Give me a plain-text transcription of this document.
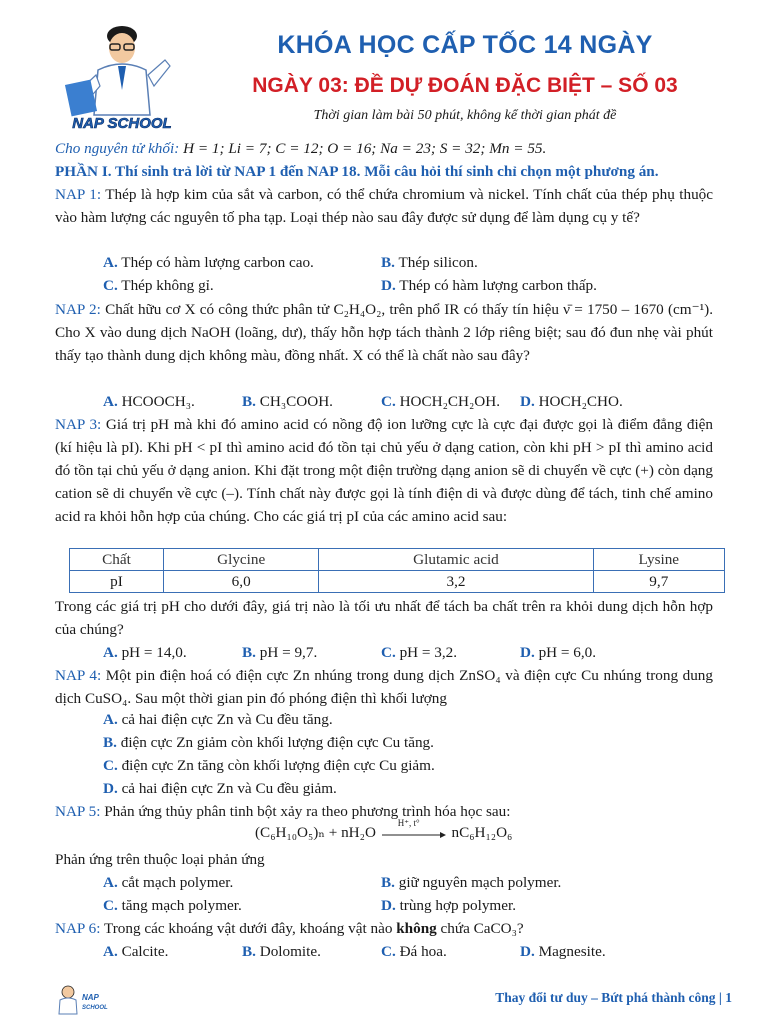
NAP SCHOOL
KHÓA HỌC CẤP TỐC 14 NGÀY
NGÀY 03: ĐỀ DỰ ĐOÁN ĐẶC BIỆT – SỐ 03
Thời gian làm bài 50 phút, không kể thời gian phát đề
Cho nguyên tử khối: H = 1; Li = 7; C = 12; O = 16; Na = 23; S = 32; Mn = 55.
PHẦN I. Thí sinh trả lời từ NAP 1 đến NAP 18. Mỗi câu hỏi thí sinh chỉ chọn một phương án.
NAP 1: Thép là hợp kim của sắt và carbon, có thể chứa chromium và nickel. Tính chất của thép phụ thuộc vào hàm lượng các nguyên tố pha tạp. Loại thép nào sau đây được sử dụng để làm dụng cụ y tế?
A. Thép có hàm lượng carbon cao.	B. Thép silicon.
C. Thép không gỉ.	D. Thép có hàm lượng carbon thấp.
NAP 2: Chất hữu cơ X có công thức phân tử C₂H₄O₂, trên phổ IR có thấy tín hiệu ν̄ = 1750 – 1670 (cm⁻¹). Cho X vào dung dịch NaOH (loãng, dư), thấy hỗn hợp tách thành 2 lớp riêng biệt; sau đó đun nhẹ vài phút thấy tạo thành dung dịch không màu, đồng nhất. X có thể là chất nào sau đây?
A. HCOOCH₃.	B. CH₃COOH.	C. HOCH₂CH₂OH. D. HOCH₂CHO.
NAP 3: Giá trị pH mà khi đó amino acid có nồng độ ion lưỡng cực là cực đại được gọi là điểm đẳng điện (kí hiệu là pI). Khi pH < pI thì amino acid đó tồn tại chủ yếu ở dạng cation, còn khi pH > pI thì amino acid đó tồn tại chủ yếu ở dạng anion. Khi đặt trong một điện trường dạng anion sẽ di chuyển về cực (+) còn dạng cation sẽ di chuyển về cực (–). Tính chất này được gọi là tính điện di và được dùng để tách, tinh chế amino acid ra khỏi hỗn hợp của chúng. Cho các giá trị pI của các amino acid sau:
Chất	Glycine	Glutamic acid	Lysine
pI	6,0	3,2	9,7
Trong các giá trị pH cho dưới đây, giá trị nào là tối ưu nhất để tách ba chất trên ra khỏi dung dịch hỗn hợp của chúng?
A. pH = 14,0.	B. pH = 9,7.	C. pH = 3,2.	D. pH = 6,0.
NAP 4: Một pin điện hoá có điện cực Zn nhúng trong dung dịch ZnSO₄ và điện cực Cu nhúng trong dung dịch CuSO₄. Sau một thời gian pin đó phóng điện thì khối lượng
A. cả hai điện cực Zn và Cu đều tăng.
B. điện cực Zn giảm còn khối lượng điện cực Cu tăng.
C. điện cực Zn tăng còn khối lượng điện cực Cu giảm.
D. cả hai điện cực Zn và Cu đều giảm.
NAP 5: Phản ứng thủy phân tinh bột xảy ra theo phương trình hóa học sau:
(C₆H₁₀O₅)ₙ + nH₂O
H⁺, t°
nC₆H₁₂O₆
Phản ứng trên thuộc loại phản ứng
A. cắt mạch polymer.	B. giữ nguyên mạch polymer.
C. tăng mạch polymer.	D. trùng hợp polymer.
NAP 6: Trong các khoáng vật dưới đây, khoáng vật nào không chứa CaCO₃?
A. Calcite.	B. Dolomite.	C. Đá hoa.	D. Magnesite.
NAP
SCHOOL
Thay đổi tư duy – Bứt phá thành công | 1
